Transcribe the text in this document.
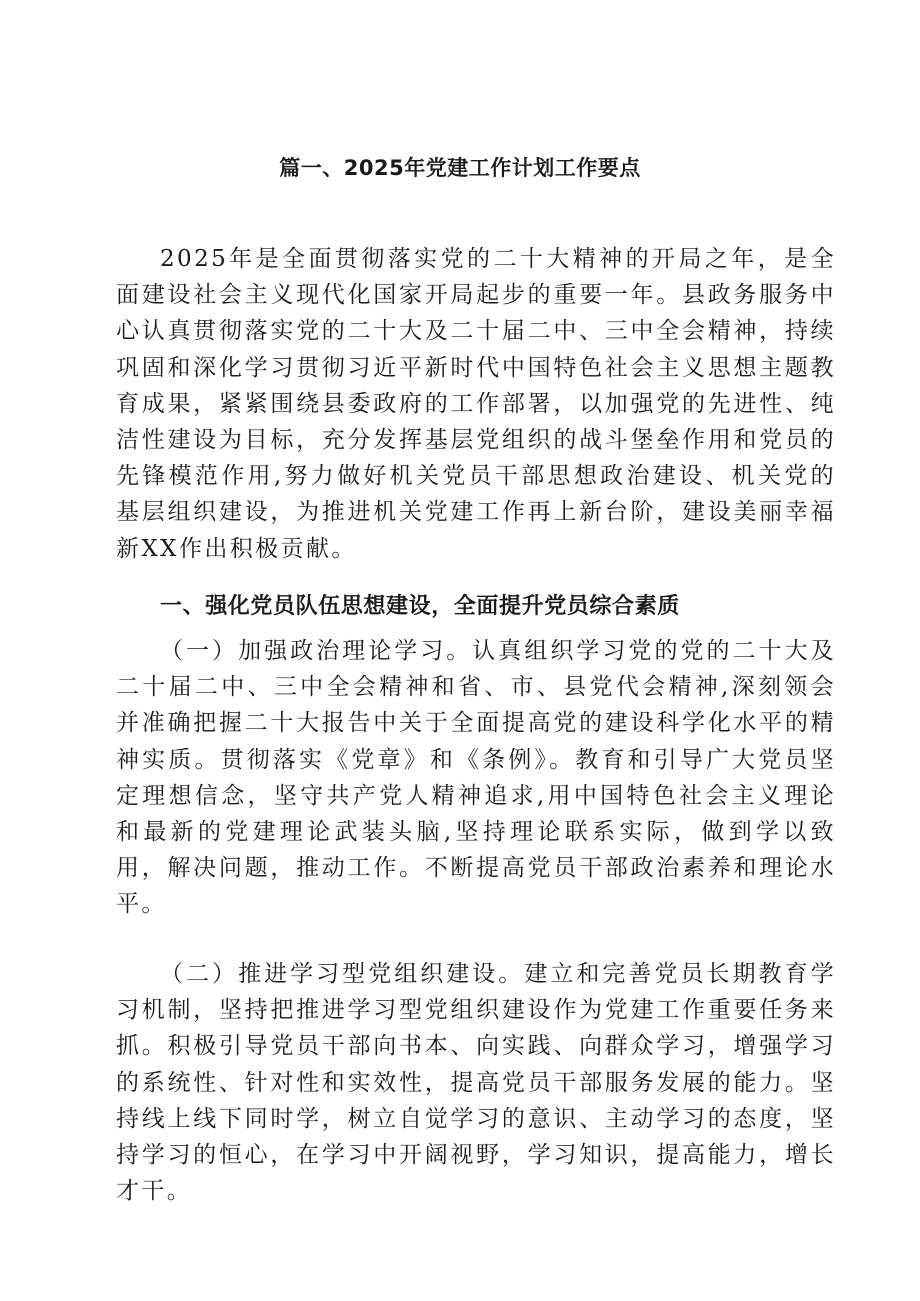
篇一、2025年党建工作计划工作要点
2025年是全面贯彻落实党的二十大精神的开局之年，是全面建设社会主义现代化国家开局起步的重要一年。县政务服务中心认真贯彻落实党的二十大及二十届二中、三中全会精神，持续巩固和深化学习贯彻习近平新时代中国特色社会主义思想主题教育成果，紧紧围绕县委政府的工作部署，以加强党的先进性、纯洁性建设为目标，充分发挥基层党组织的战斗堡垒作用和党员的先锋模范作用,努力做好机关党员干部思想政治建设、机关党的基层组织建设，为推进机关党建工作再上新台阶，建设美丽幸福新XX作出积极贡献。
一、强化党员队伍思想建设，全面提升党员综合素质
（一）加强政治理论学习。认真组织学习党的党的二十大及二十届二中、三中全会精神和省、市、县党代会精神,深刻领会并准确把握二十大报告中关于全面提高党的建设科学化水平的精神实质。贯彻落实《党章》和《条例》。教育和引导广大党员坚定理想信念，坚守共产党人精神追求,用中国特色社会主义理论和最新的党建理论武装头脑,坚持理论联系实际，做到学以致用，解决问题，推动工作。不断提高党员干部政治素养和理论水平。
（二）推进学习型党组织建设。建立和完善党员长期教育学习机制，坚持把推进学习型党组织建设作为党建工作重要任务来抓。积极引导党员干部向书本、向实践、向群众学习，增强学习的系统性、针对性和实效性，提高党员干部服务发展的能力。坚持线上线下同时学，树立自觉学习的意识、主动学习的态度，坚持学习的恒心，在学习中开阔视野，学习知识，提高能力，增长才干。
